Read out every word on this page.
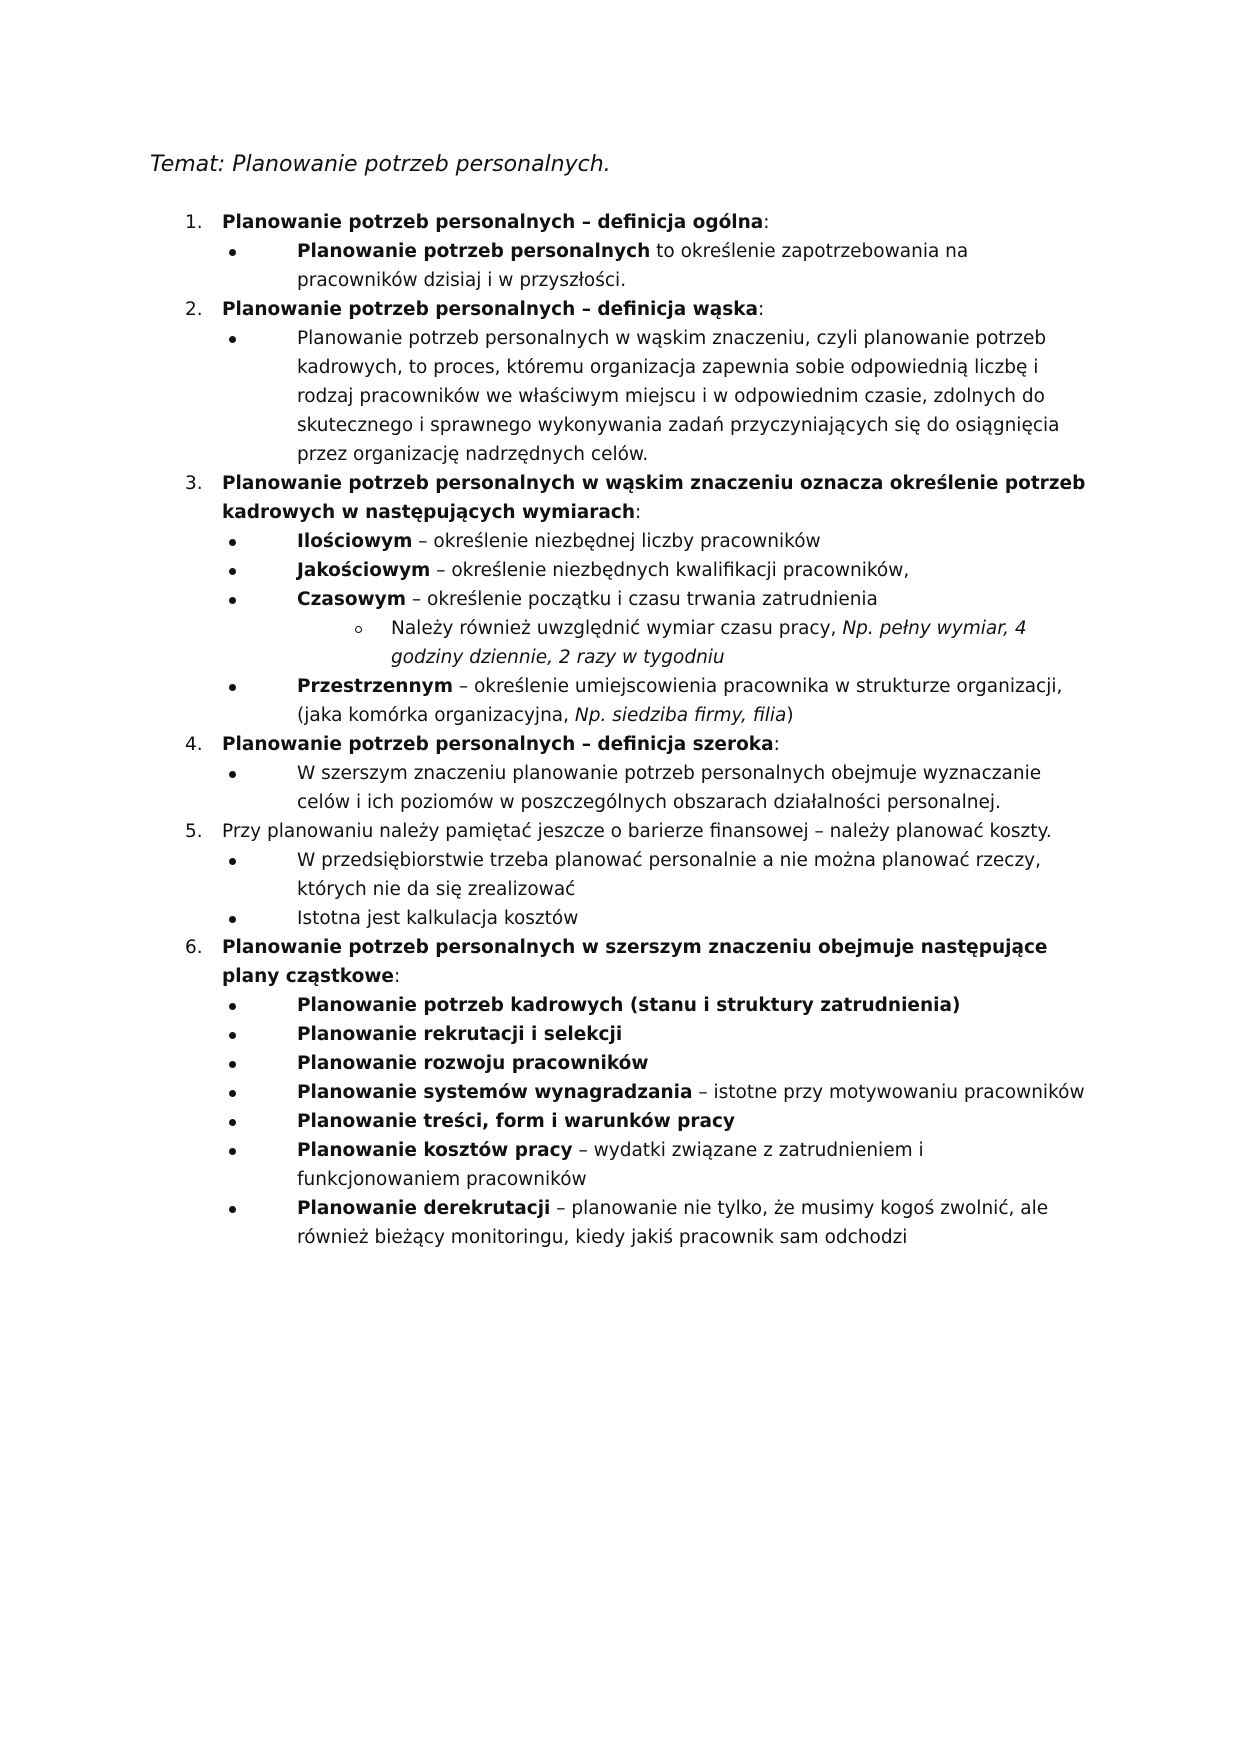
Temat: Planowanie potrzeb personalnych.
1. Planowanie potrzeb personalnych – definicja ogólna:
Planowanie potrzeb personalnych to określenie zapotrzebowania na pracowników dzisiaj i w przyszłości.
2. Planowanie potrzeb personalnych – definicja wąska:
Planowanie potrzeb personalnych w wąskim znaczeniu, czyli planowanie potrzeb kadrowych, to proces, któremu organizacja zapewnia sobie odpowiednią liczbę i rodzaj pracowników we właściwym miejscu i w odpowiednim czasie, zdolnych do skutecznego i sprawnego wykonywania zadań przyczyniających się do osiągnięcia przez organizację nadrzędnych celów.
3. Planowanie potrzeb personalnych w wąskim znaczeniu oznacza określenie potrzeb kadrowych w następujących wymiarach:
Ilościowym – określenie niezbędnej liczby pracowników
Jakościowym – określenie niezbędnych kwalifikacji pracowników,
Czasowym – określenie początku i czasu trwania zatrudnienia
Należy również uwzględnić wymiar czasu pracy, Np. pełny wymiar, 4 godziny dziennie, 2 razy w tygodniu
Przestrzennym – określenie umiejscowienia pracownika w strukturze organizacji, (jaka komórka organizacyjna, Np. siedziba firmy, filia)
4. Planowanie potrzeb personalnych – definicja szeroka:
W szerszym znaczeniu planowanie potrzeb personalnych obejmuje wyznaczanie celów i ich poziomów w poszczególnych obszarach działalności personalnej.
5. Przy planowaniu należy pamiętać jeszcze o barierze finansowej – należy planować koszty.
W przedsiębiorstwie trzeba planować personalnie a nie można planować rzeczy, których nie da się zrealizować
Istotna jest kalkulacja kosztów
6. Planowanie potrzeb personalnych w szerszym znaczeniu obejmuje następujące plany cząstkowe:
Planowanie potrzeb kadrowych (stanu i struktury zatrudnienia)
Planowanie rekrutacji i selekcji
Planowanie rozwoju pracowników
Planowanie systemów wynagradzania – istotne przy motywowaniu pracowników
Planowanie treści, form i warunków pracy
Planowanie kosztów pracy – wydatki związane z zatrudnieniem i funkcjonowaniem pracowników
Planowanie derekrutacji – planowanie nie tylko, że musimy kogoś zwolnić, ale również bieżący monitoringu, kiedy jakiś pracownik sam odchodzi
